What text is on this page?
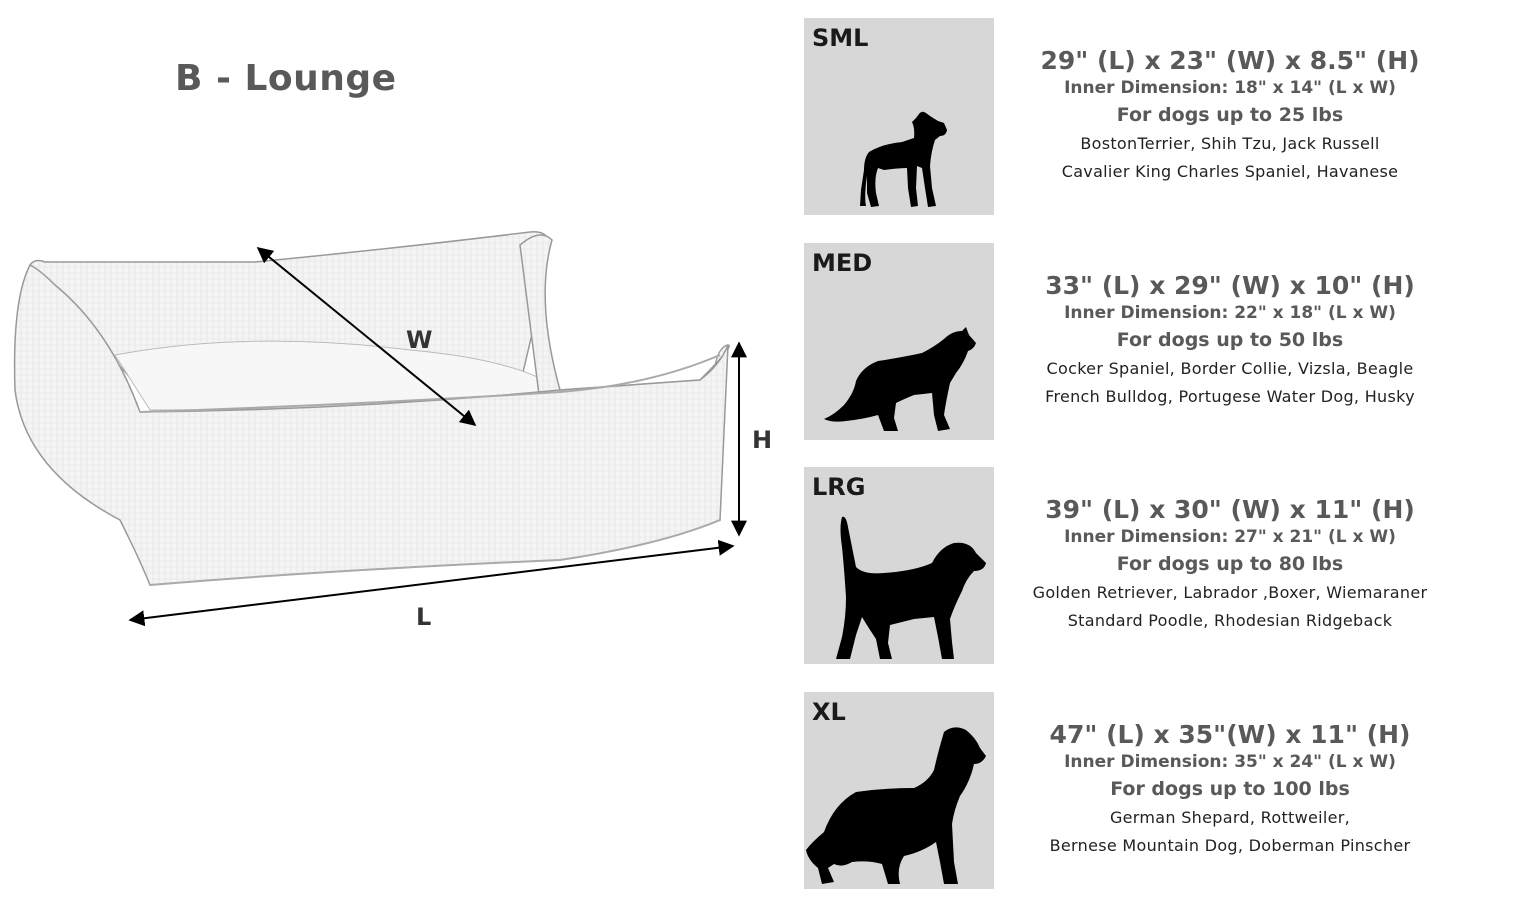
B - Lounge
W
H
L
SML
29" (L) x 23" (W) x 8.5" (H)
Inner Dimension: 18" x 14" (L x W)
For dogs up to 25 lbs
BostonTerrier, Shih Tzu, Jack Russell
Cavalier King Charles Spaniel, Havanese
MED
33" (L) x 29" (W) x 10" (H)
Inner Dimension: 22" x 18" (L x W)
For dogs up to 50 lbs
Cocker Spaniel, Border Collie, Vizsla, Beagle
French Bulldog, Portugese Water Dog, Husky
LRG
39" (L) x 30" (W) x 11" (H)
Inner Dimension: 27" x 21" (L x W)
For dogs up to 80 lbs
Golden Retriever, Labrador ,Boxer, Wiemaraner
Standard Poodle, Rhodesian Ridgeback
XL
47" (L) x 35"(W) x 11" (H)
Inner Dimension: 35" x 24" (L x W)
For dogs up to 100 lbs
German Shepard, Rottweiler,
Bernese Mountain Dog, Doberman Pinscher
